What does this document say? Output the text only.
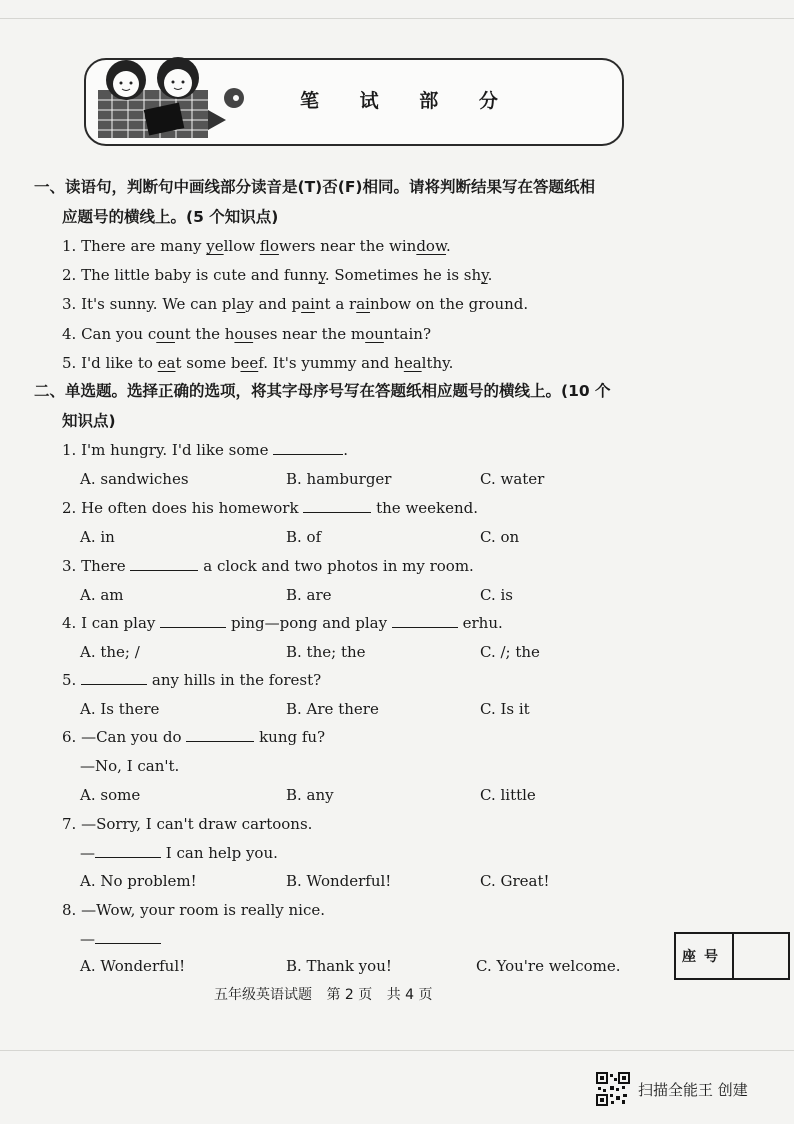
笔 试 部 分
一、读语句，判断句中画线部分读音是(T)否(F)相同。请将判断结果写在答题纸相
应题号的横线上。(5 个知识点)
1. There are many yellow flowers near the window.
2. The little baby is cute and funny. Sometimes he is shy.
3. It's sunny. We can play and paint a rainbow on the ground.
4. Can you count the houses near the mountain?
5. I'd like to eat some beef. It's yummy and healthy.
二、单选题。选择正确的选项，将其字母序号写在答题纸相应题号的横线上。(10 个
知识点)
1. I'm hungry. I'd like some	.
A. sandwiches	B. hamburger	C. water
2. He often does his homework	the weekend.
A. in	B. of	C. on
3. There	a clock and two photos in my room.
A. am	B. are	C. is
4. I can play	ping—pong and play	erhu.
A. the; /	B. the; the	C. /; the
5.	any hills in the forest?
A. Is there	B. Are there	C. Is it
6. —Can you do	kung fu?
—No, I can't.
A. some	B. any	C. little
7. —Sorry, I can't draw cartoons.
—	I can help you.
A. No problem!	B. Wonderful!	C. Great!
8. —Wow, your room is really nice.
—
A. Wonderful!	B. Thank you!	C. You're welcome.	座号
五年级英语试题 第 2 页 共 4 页
扫描全能王 创建
